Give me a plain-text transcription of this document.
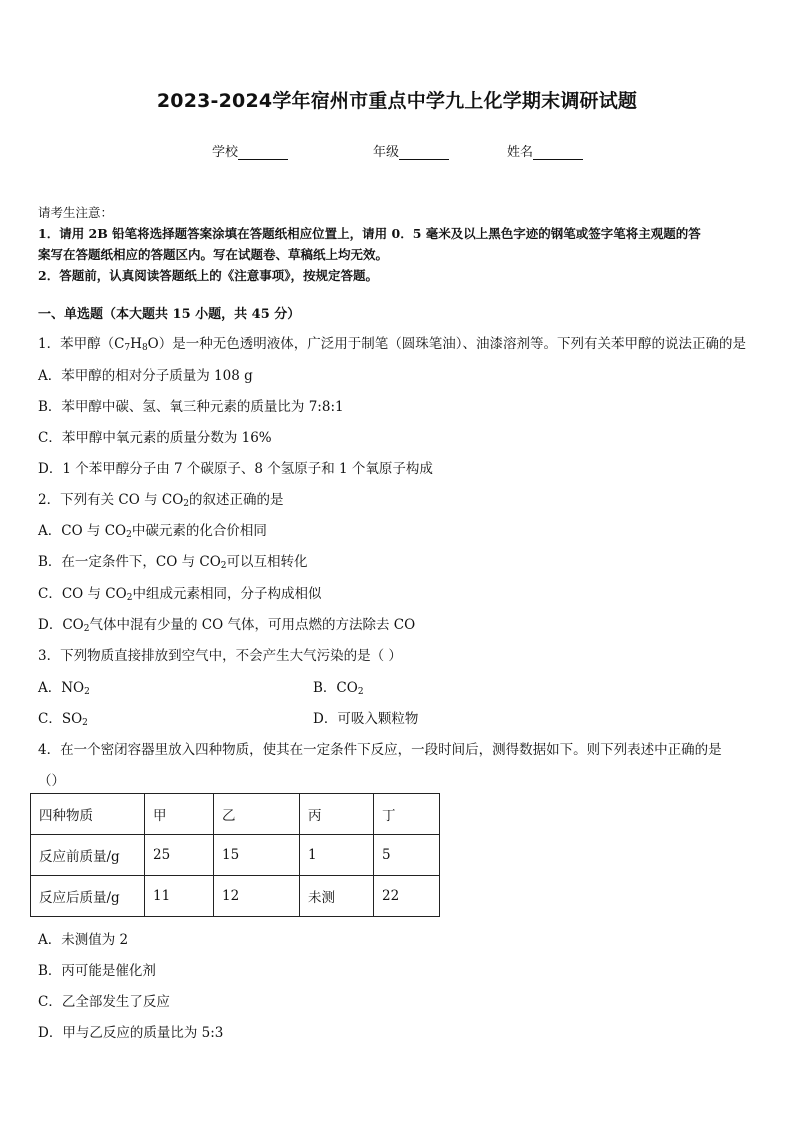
2023-2024学年宿州市重点中学九上化学期末调研试题
学校	年级	姓名
请考生注意：
1．请用 2B 铅笔将选择题答案涂填在答题纸相应位置上，请用 0．5 毫米及以上黑色字迹的钢笔或签字笔将主观题的答
案写在答题纸相应的答题区内。写在试题卷、草稿纸上均无效。
2．答题前，认真阅读答题纸上的《注意事项》，按规定答题。
一、单选题（本大题共 15 小题，共 45 分）
1．苯甲醇$(C_7H_8O)$是一种无色透明液体，广泛用于制笔（圆珠笔油）、油漆溶剂等。下列有关苯甲醇的说法正确的是
A．苯甲醇的相对分子质量为 108 g
B．苯甲醇中碳、氢、氧三种元素的质量比为 7:8:1
C．苯甲醇中氧元素的质量分数为 16%
D．1 个苯甲醇分子由 7 个碳原子、8 个氢原子和 1 个氧原子构成
2．下列有关 CO 与 $CO_2$的叙述正确的是
A．CO 与 $CO_2$中碳元素的化合价相同
B．在一定条件下，CO 与 $CO_2$可以互相转化
C．CO 与 $CO_2$中组成元素相同，分子构成相似
D．$CO_2$气体中混有少量的 CO 气体，可用点燃的方法除去 CO
3．下列物质直接排放到空气中，不会产生大气污染的是（ ）
A．$NO_2$	B．$CO_2$
C．$SO_2$	D．可吸入颗粒物
4．在一个密闭容器里放入四种物质，使其在一定条件下反应，一段时间后，测得数据如下。则下列表述中正确的是
（）
四种物质	甲	乙	丙	丁
反应前质量/g	25	15	1	5
反应后质量/g	11	12	未测	22
A．未测值为 2
B．丙可能是催化剂
C．乙全部发生了反应
D．甲与乙反应的质量比为 5:3
